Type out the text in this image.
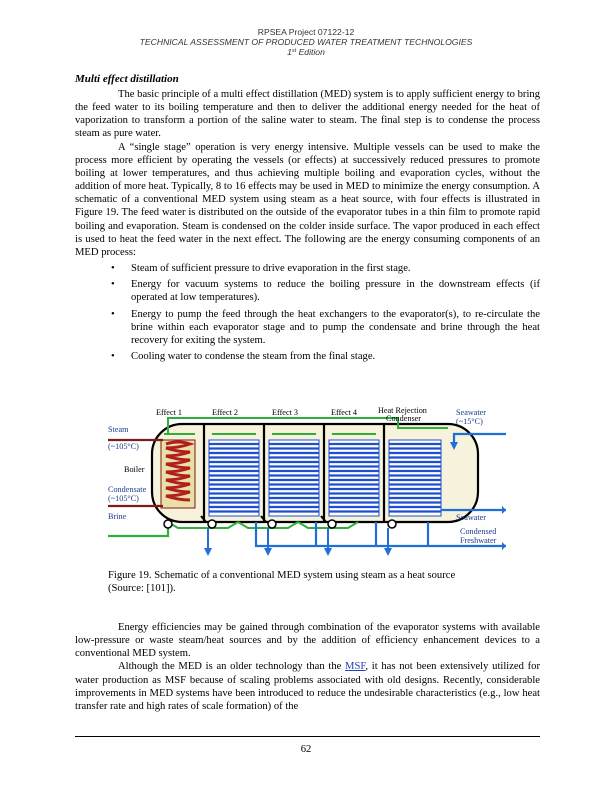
RPSEA Project 07122-12
TECHNICAL ASSESSMENT OF PRODUCED WATER TREATMENT TECHNOLOGIES
1st Edition
Multi effect distillation

The basic principle of a multi effect distillation (MED) system is to apply sufficient energy to bring the feed water to its boiling temperature and then to deliver the additional energy needed for the heat of vaporization to transform a portion of the saline water to steam. The final step is to condense the process steam as pure water.

A “single stage” operation is very energy intensive. Multiple vessels can be used to make the process more efficient by operating the vessels (or effects) at successively reduced pressures to promote boiling at lower temperatures, and thus achieving multiple boiling and evaporation cycles, without the addition of more heat. Typically, 8 to 16 effects may be used in MED to minimize the energy consumption. A schematic of a conventional MED system using steam as a heat source, with four effects is illustrated in Figure 19. The feed water is distributed on the outside of the evaporator tubes in a thin film to promote rapid boiling and evaporation. Steam is condensed on the colder inside surface. The vapor produced in each effect is used to heat the feed water in the next effect. The following are the energy consuming components of an MED process:

• Steam of sufficient pressure to drive evaporation in the first stage.
• Energy for vacuum systems to reduce the boiling pressure in the downstream effects (if operated at low temperatures).
• Energy to pump the feed through the heat exchangers to the evaporator(s), to re-circulate the brine within each evaporator stage and to pump the condensate and brine through the heat recovery for exiting the system.
• Cooling water to condense the steam from the final stage.
Effect 1	Effect 2	Effect 3	Effect 4	Heat Rejection
Condenser
Seawater
(~15°C)
Steam
(~105°C)
Boiler
Condensate
(~105°C)
Brine	Seawater
Condensed
Freshwater
Figure 19. Schematic of a conventional MED system using steam as a heat source
(Source: [101]).

Energy efficiencies may be gained through combination of the evaporator systems with available low-pressure or waste steam/heat sources and by the addition of efficiency enhancement devices to a conventional MED system.

Although the MED is an older technology than the MSF, it has not been extensively utilized for water production as MSF because of scaling problems associated with old designs. Recently, considerable improvements in MED systems have been introduced to reduce the undesirable characteristics (e.g., low heat transfer rate and high rates of scale formation) of the

62
